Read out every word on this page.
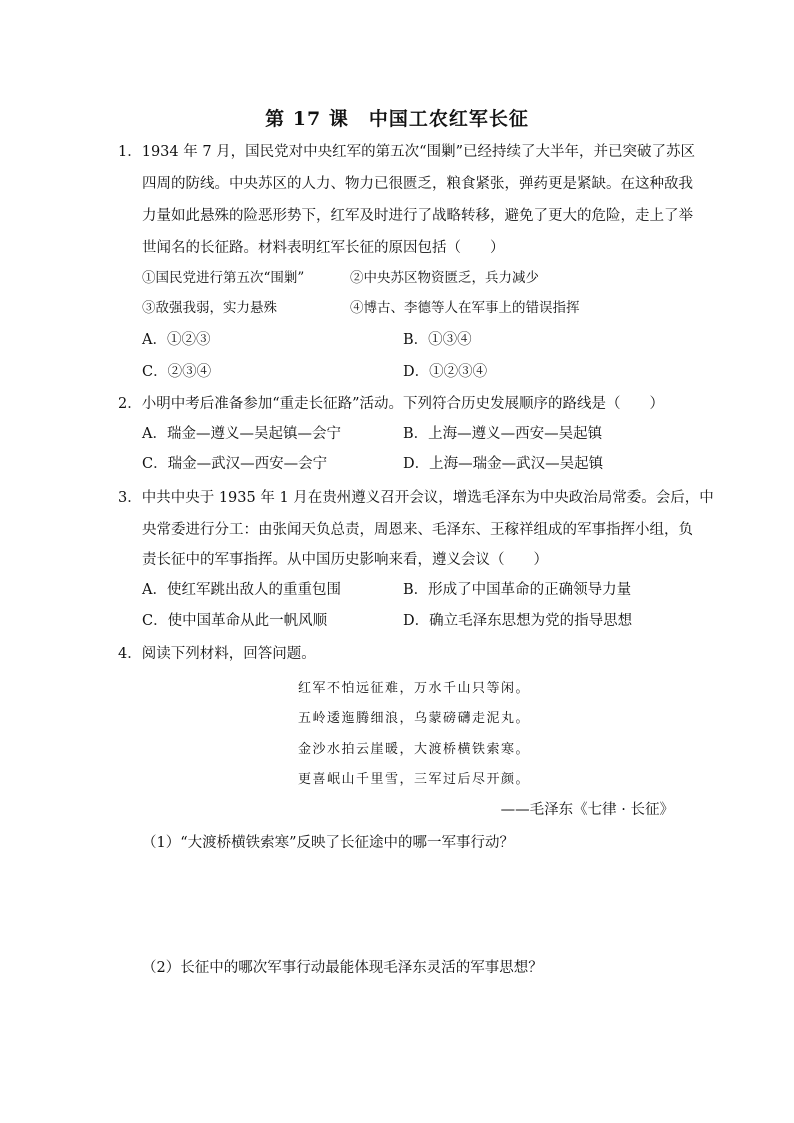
第 17 课　中国工农红军长征
1．1934 年 7 月，国民党对中央红军的第五次“围剿”已经持续了大半年，并已突破了苏区
四周的防线。中央苏区的人力、物力已很匮乏，粮食紧张，弹药更是紧缺。在这种敌我
力量如此悬殊的险恶形势下，红军及时进行了战略转移，避免了更大的危险，走上了举
世闻名的长征路。材料表明红军长征的原因包括（　　）
①国民党进行第五次“围剿”	②中央苏区物资匮乏，兵力减少
③敌强我弱，实力悬殊	④博古、李德等人在军事上的错误指挥
A．①②③	B．①③④
C．②③④	D．①②③④
2．小明中考后准备参加“重走长征路”活动。下列符合历史发展顺序的路线是（　　）
A．瑞金—遵义—吴起镇—会宁	B．上海—遵义—西安—吴起镇
C．瑞金—武汉—西安—会宁	D．上海—瑞金—武汉—吴起镇
3．中共中央于 1935 年 1 月在贵州遵义召开会议，增选毛泽东为中央政治局常委。会后，中
央常委进行分工：由张闻天负总责，周恩来、毛泽东、王稼祥组成的军事指挥小组，负
责长征中的军事指挥。从中国历史影响来看，遵义会议（　　）
A．使红军跳出敌人的重重包围	B．形成了中国革命的正确领导力量
C．使中国革命从此一帆风顺	D．确立毛泽东思想为党的指导思想
4．阅读下列材料，回答问题。
红军不怕远征难，万水千山只等闲。
五岭逶迤腾细浪，乌蒙磅礴走泥丸。
金沙水拍云崖暖，大渡桥横铁索寒。
更喜岷山千里雪，三军过后尽开颜。
——毛泽东《七律 · 长征》
（1）“大渡桥横铁索寒”反映了长征途中的哪一军事行动？
（2）长征中的哪次军事行动最能体现毛泽东灵活的军事思想？
